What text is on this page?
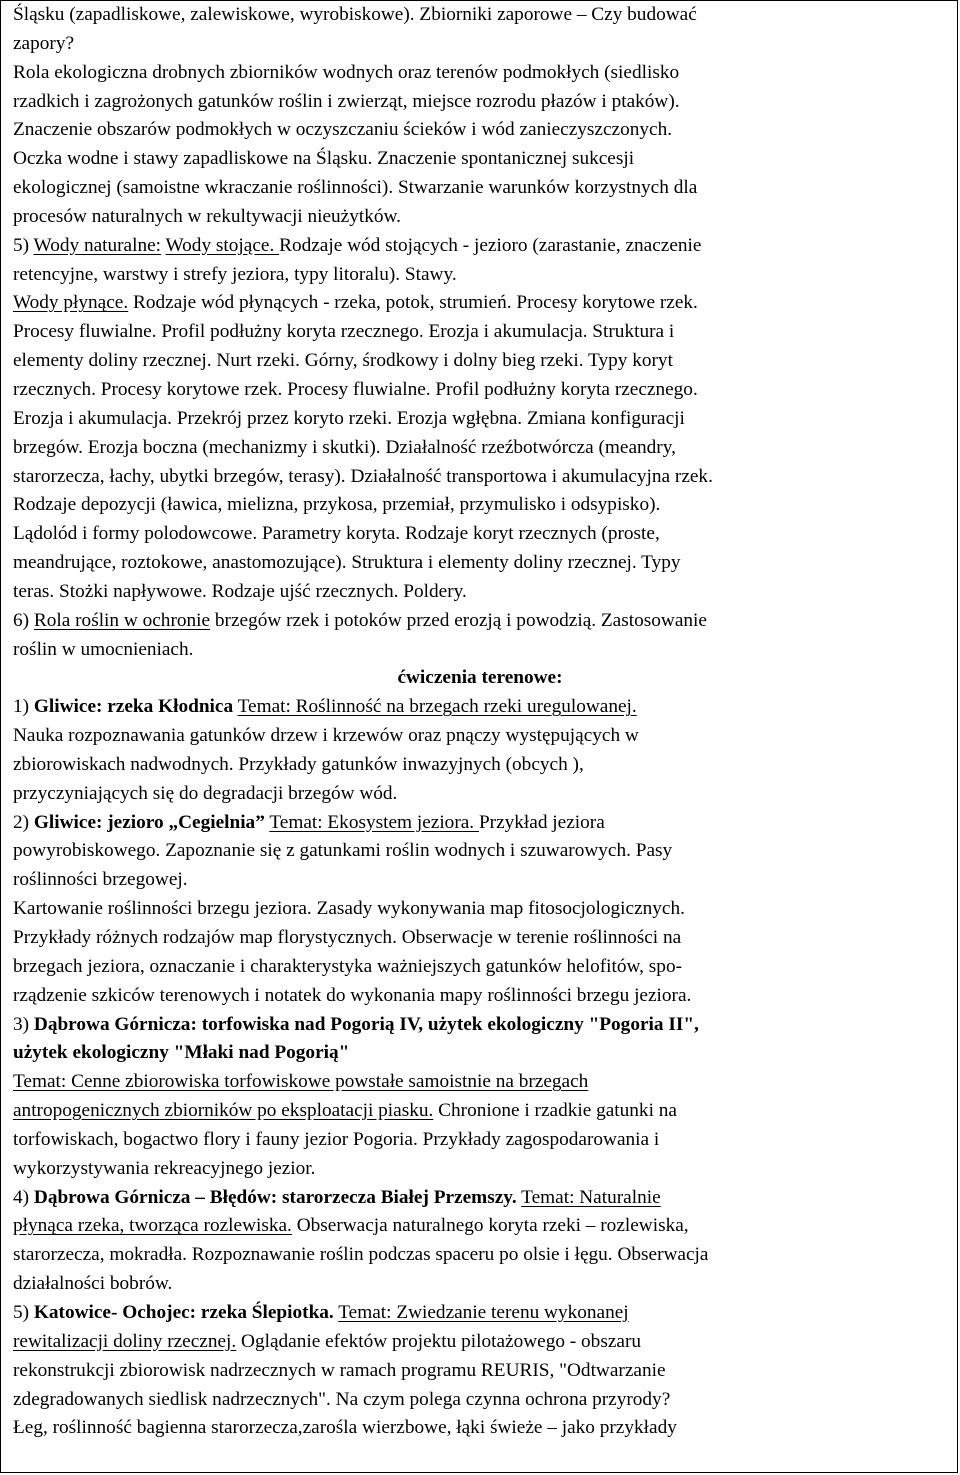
Śląsku (zapadliskowe, zalewiskowe, wyrobiskowe). Zbiorniki zaporowe – Czy budować
zapory?
Rola ekologiczna drobnych zbiorników wodnych oraz terenów podmokłych (siedlisko
rzadkich i zagrożonych gatunków roślin i zwierząt, miejsce rozrodu płazów i ptaków).
Znaczenie obszarów podmokłych w oczyszczaniu ścieków i wód zanieczyszczonych.
Oczka wodne i stawy zapadliskowe na Śląsku. Znaczenie spontanicznej sukcesji
ekologicznej (samoistne wkraczanie roślinności). Stwarzanie warunków korzystnych dla
procesów naturalnych w rekultywacji nieużytków.
5) Wody naturalne: Wody stojące. Rodzaje wód stojących - jezioro (zarastanie, znaczenie
retencyjne, warstwy i strefy jeziora, typy litoralu). Stawy.
Wody płynące. Rodzaje wód płynących - rzeka, potok, strumień. Procesy korytowe rzek.
Procesy fluwialne. Profil podłużny koryta rzecznego. Erozja i akumulacja. Struktura i
elementy doliny rzecznej. Nurt rzeki. Górny, środkowy i dolny bieg rzeki. Typy koryt
rzecznych. Procesy korytowe rzek. Procesy fluwialne. Profil podłużny koryta rzecznego.
Erozja i akumulacja. Przekrój przez koryto rzeki. Erozja wgłębna. Zmiana konfiguracji
brzegów. Erozja boczna (mechanizmy i skutki). Działalność rzeźbotwórcza (meandry,
starorzecza, łachy, ubytki brzegów, terasy). Działalność transportowa i akumulacyjna rzek.
Rodzaje depozycji (ławica, mielizna, przykosa, przemiał, przymulisko i odsypisko).
Lądolód i formy polodowcowe. Parametry koryta. Rodzaje koryt rzecznych (proste,
meandrujące, roztokowe, anastomozujące). Struktura i elementy doliny rzecznej. Typy
teras. Stożki napływowe. Rodzaje ujść rzecznych. Poldery.
6) Rola roślin w ochronie brzegów rzek i potoków przed erozją i powodzią. Zastosowanie
roślin w umocnieniach.
ćwiczenia terenowe:
1) Gliwice: rzeka Kłodnica Temat: Roślinność na brzegach rzeki uregulowanej.
Nauka rozpoznawania gatunków drzew i krzewów oraz pnączy występujących w
zbiorowiskach nadwodnych. Przykłady gatunków inwazyjnych (obcych ),
przyczyniających się do degradacji brzegów wód.
2) Gliwice: jezioro „Cegielnia” Temat: Ekosystem jeziora. Przykład jeziora
powyrobiskowego. Zapoznanie się z gatunkami roślin wodnych i szuwarowych. Pasy
roślinności brzegowej.
Kartowanie roślinności brzegu jeziora. Zasady wykonywania map fitosocjologicznych.
Przykłady różnych rodzajów map florystycznych. Obserwacje w terenie roślinności na
brzegach jeziora, oznaczanie i charakterystyka ważniejszych gatunków helofitów, spo-
rządzenie szkiców terenowych i notatek do wykonania mapy roślinności brzegu jeziora.
3) Dąbrowa Górnicza: torfowiska nad Pogorią IV, użytek ekologiczny "Pogoria II",
użytek ekologiczny "Młaki nad Pogorią"
Temat: Cenne zbiorowiska torfowiskowe powstałe samoistnie na brzegach
antropogenicznych zbiorników po eksploatacji piasku. Chronione i rzadkie gatunki na
torfowiskach, bogactwo flory i fauny jezior Pogoria. Przykłady zagospodarowania i
wykorzystywania rekreacyjnego jezior.
4) Dąbrowa Górnicza – Błędów: starorzecza Białej Przemszy. Temat: Naturalnie
płynąca rzeka, tworząca rozlewiska. Obserwacja naturalnego koryta rzeki – rozlewiska,
starorzecza, mokradła. Rozpoznawanie roślin podczas spaceru po olsie i łęgu. Obserwacja
działalności bobrów.
5) Katowice- Ochojec: rzeka Ślepiotka. Temat: Zwiedzanie terenu wykonanej
rewitalizacji doliny rzecznej. Oglądanie efektów projektu pilotażowego - obszaru
rekonstrukcji zbiorowisk nadrzecznych w ramach programu REURIS, "Odtwarzanie
zdegradowanych siedlisk nadrzecznych". Na czym polega czynna ochrona przyrody?
Łeg, roślinność bagienna starorzecza,zarośla wierzbowe, łąki świeże – jako przykłady
